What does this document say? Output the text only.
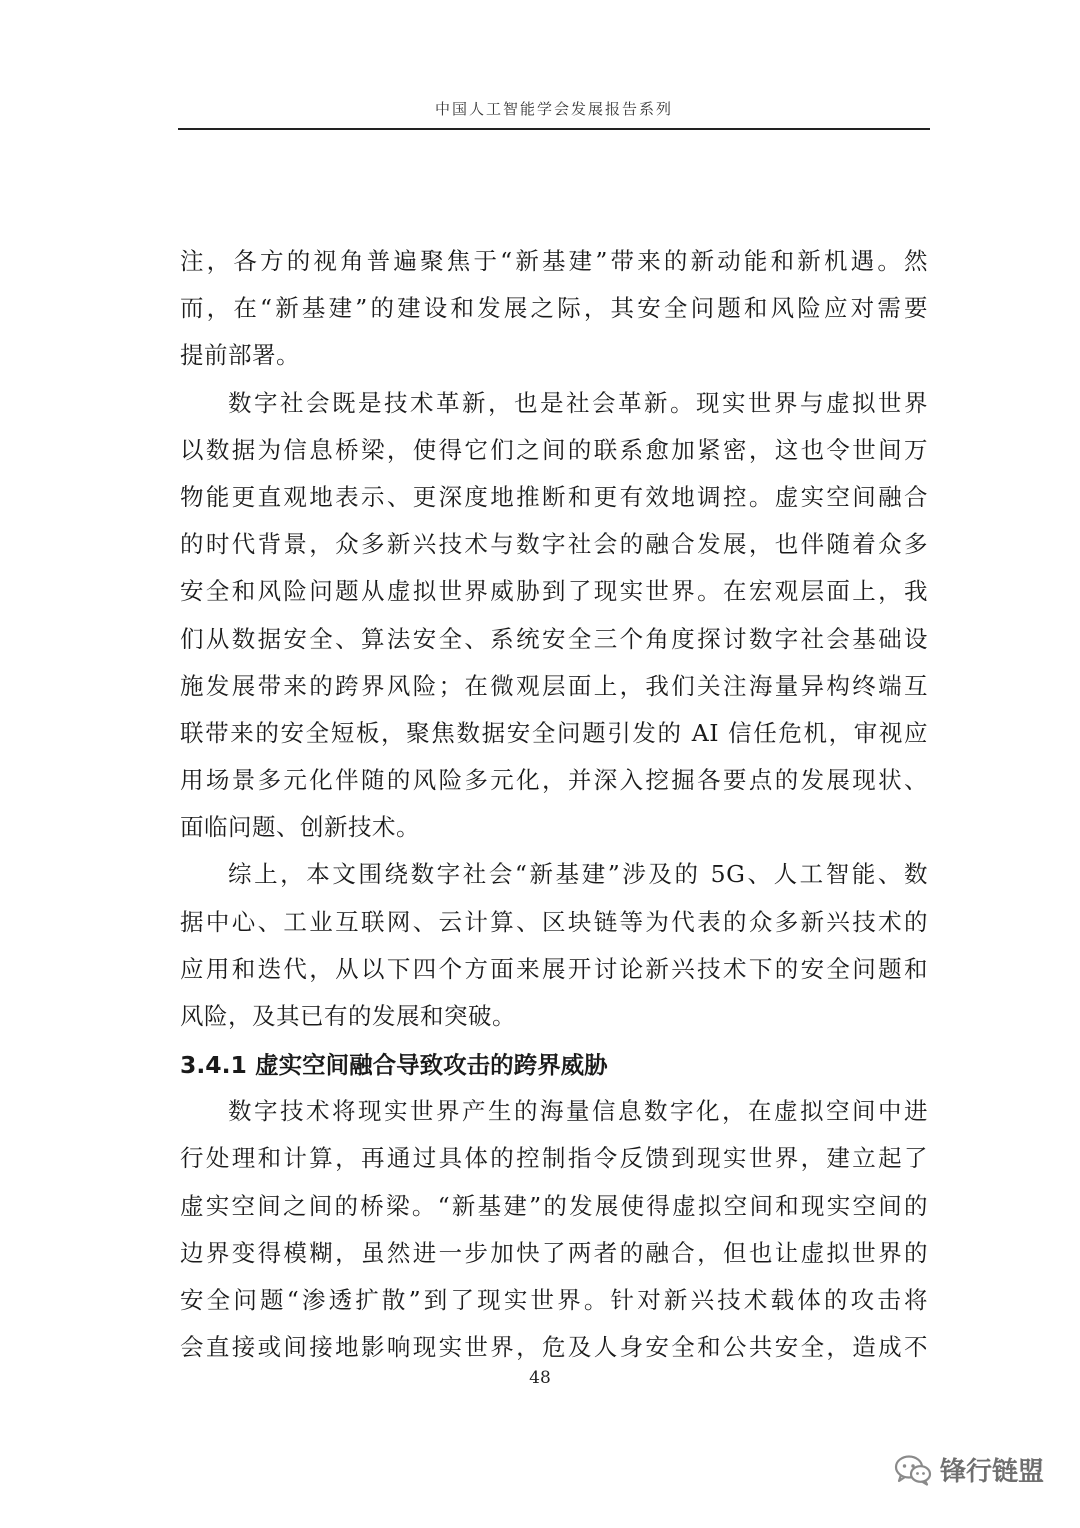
中国人工智能学会发展报告系列
注，各方的视角普遍聚焦于“新基建”带来的新动能和新机遇。然
而，在“新基建”的建设和发展之际，其安全问题和风险应对需要
提前部署。
数字社会既是技术革新，也是社会革新。现实世界与虚拟世界
以数据为信息桥梁，使得它们之间的联系愈加紧密，这也令世间万
物能更直观地表示、更深度地推断和更有效地调控。虚实空间融合
的时代背景，众多新兴技术与数字社会的融合发展，也伴随着众多
安全和风险问题从虚拟世界威胁到了现实世界。在宏观层面上，我
们从数据安全、算法安全、系统安全三个角度探讨数字社会基础设
施发展带来的跨界风险；在微观层面上，我们关注海量异构终端互
联带来的安全短板，聚焦数据安全问题引发的 AI 信任危机，审视应
用场景多元化伴随的风险多元化，并深入挖掘各要点的发展现状、
面临问题、创新技术。
综上，本文围绕数字社会“新基建”涉及的 5G、人工智能、数
据中心、工业互联网、云计算、区块链等为代表的众多新兴技术的
应用和迭代，从以下四个方面来展开讨论新兴技术下的安全问题和
风险，及其已有的发展和突破。
3.4.1 虚实空间融合导致攻击的跨界威胁
数字技术将现实世界产生的海量信息数字化，在虚拟空间中进
行处理和计算，再通过具体的控制指令反馈到现实世界，建立起了
虚实空间之间的桥梁。“新基建”的发展使得虚拟空间和现实空间的
边界变得模糊，虽然进一步加快了两者的融合，但也让虚拟世界的
安全问题“渗透扩散”到了现实世界。针对新兴技术载体的攻击将
会直接或间接地影响现实世界，危及人身安全和公共安全，造成不
48
锋行链盟
